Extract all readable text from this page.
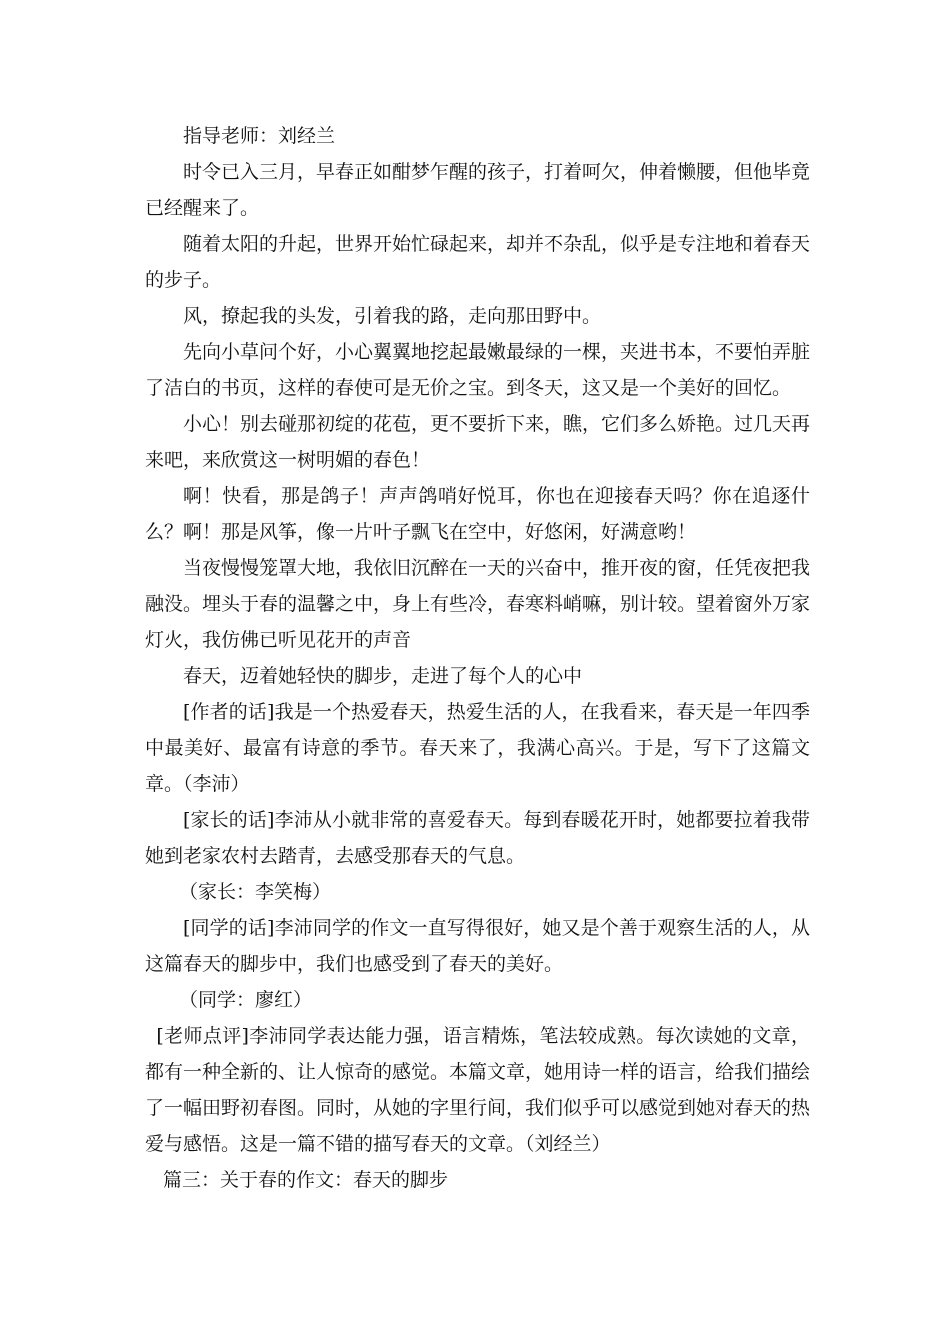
指导老师：刘经兰

时令已入三月，早春正如酣梦乍醒的孩子，打着呵欠，伸着懒腰，但他毕竟已经醒来了。

随着太阳的升起，世界开始忙碌起来，却并不杂乱，似乎是专注地和着春天的步子。

风，撩起我的头发，引着我的路，走向那田野中。

先向小草问个好，小心翼翼地挖起最嫩最绿的一棵，夹进书本，不要怕弄脏了洁白的书页，这样的春使可是无价之宝。到冬天，这又是一个美好的回忆。

小心！别去碰那初绽的花苞，更不要折下来，瞧，它们多么娇艳。过几天再来吧，来欣赏这一树明媚的春色！

啊！快看，那是鸽子！声声鸽哨好悦耳，你也在迎接春天吗？你在追逐什么？啊！那是风筝，像一片叶子飘飞在空中，好悠闲，好满意哟！

当夜慢慢笼罩大地，我依旧沉醉在一天的兴奋中，推开夜的窗，任凭夜把我融没。埋头于春的温馨之中，身上有些冷，春寒料峭嘛，别计较。望着窗外万家灯火，我仿佛已听见花开的声音

春天，迈着她轻快的脚步，走进了每个人的心中

[作者的话]我是一个热爱春天，热爱生活的人，在我看来，春天是一年四季中最美好、最富有诗意的季节。春天来了，我满心高兴。于是，写下了这篇文章。（李沛）

[家长的话]李沛从小就非常的喜爱春天。每到春暖花开时，她都要拉着我带她到老家农村去踏青，去感受那春天的气息。

（家长：李笑梅）

[同学的话]李沛同学的作文一直写得很好，她又是个善于观察生活的人，从这篇春天的脚步中，我们也感受到了春天的美好。

（同学：廖红）

[老师点评]李沛同学表达能力强，语言精炼，笔法较成熟。每次读她的文章，都有一种全新的、让人惊奇的感觉。本篇文章，她用诗一样的语言，给我们描绘了一幅田野初春图。同时，从她的字里行间，我们似乎可以感觉到她对春天的热爱与感悟。这是一篇不错的描写春天的文章。（刘经兰）

篇三：关于春的作文：春天的脚步
